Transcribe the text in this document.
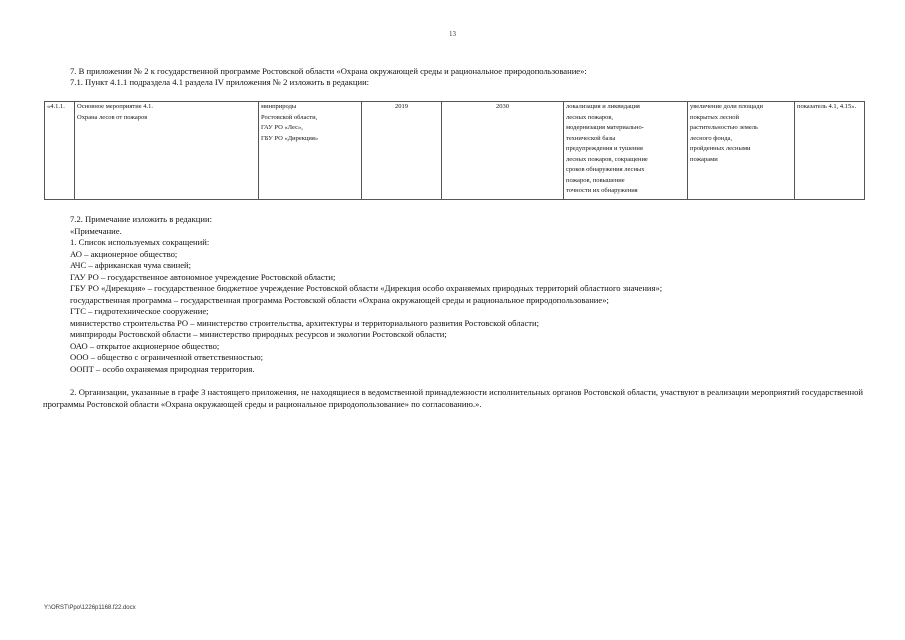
13
7. В приложении № 2 к государственной программе Ростовской области «Охрана окружающей среды и рациональное природопользование»:
7.1. Пункт 4.1.1 подраздела 4.1 раздела IV приложения № 2 изложить в редакции:
«4.1.1.	Основное мероприятие 4.1.
Охрана лесов от пожаров	минприроды
Ростовской области,
ГАУ РО «Лес»,
ГБУ РО «Дирекция»	2019	2030	локализация и ликвидация
лесных пожаров,
модернизация материально-
технической базы
предупреждения и тушения
лесных пожаров, сокращение
сроков обнаружения лесных
пожаров, повышение
точности их обнаружения	увеличение доли площади
покрытых лесной
растительностью земель
лесного фонда,
пройденных лесными
пожарами	показатель 4.1, 4.15».
7.2. Примечание изложить в редакции:
«Примечание.
1. Список используемых сокращений:
АО – акционерное общество;
АЧС – африканская чума свиней;
ГАУ РО – государственное автономное учреждение Ростовской области;
ГБУ РО «Дирекция» – государственное бюджетное учреждение Ростовской области «Дирекция особо охраняемых природных территорий областного значения»;
государственная программа – государственная программа Ростовской области «Охрана окружающей среды и рациональное природопользование»;
ГТС – гидротехническое сооружение;
министерство строительства РО – министерство строительства, архитектуры и территориального развития Ростовской области;
минприроды Ростовской области – министерство природных ресурсов и экологии Ростовской области;
ОАО – открытое акционерное общество;
ООО – общество с ограниченной ответственностью;
ООПТ – особо охраняемая природная территория.
2. Организации, указанные в графе 3 настоящего приложения, не находящиеся в ведомственной принадлежности исполнительных органов Ростовской области, участвуют в реализации мероприятий государственной программы Ростовской области «Охрана окружающей среды и рациональное природопользование» по согласованию.».
Y:\ORST\Ppo\1226p1168.f22.docx
